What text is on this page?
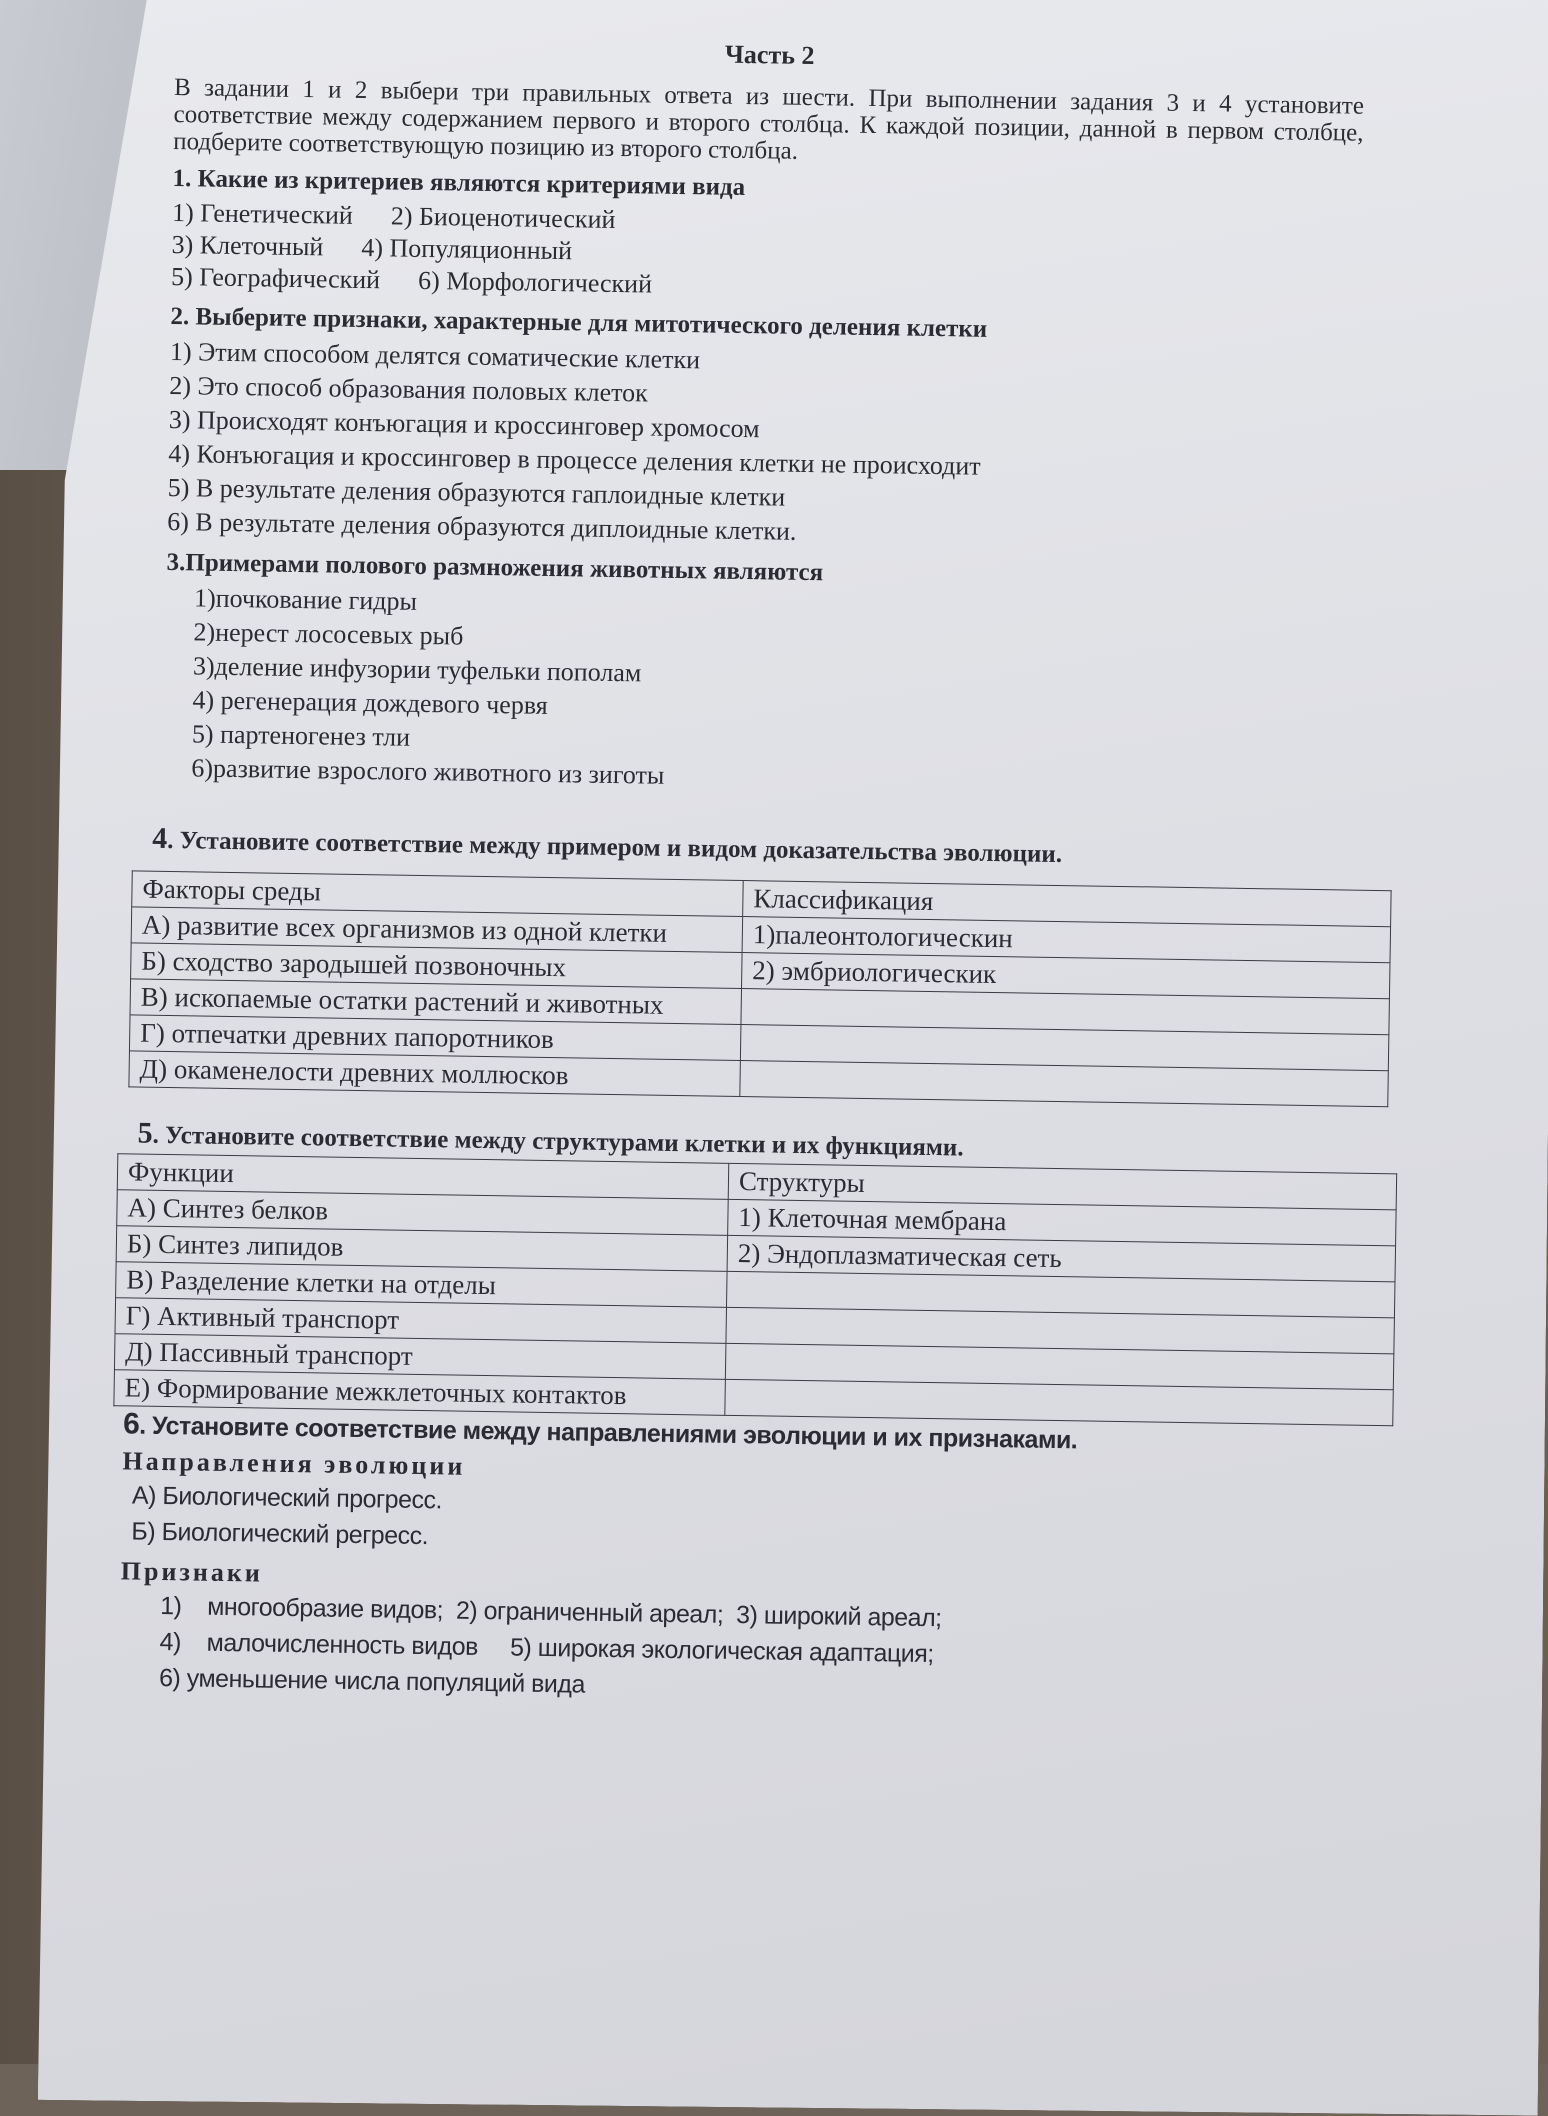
Часть 2

В задании 1 и 2 выбери три правильных ответа из шести. При выполнении задания 3 и 4 установите соответствие между содержанием первого и второго столбца. К каждой позиции, данной в первом столбце, подберите соответствующую позицию из второго столбца.

1. Какие из критериев являются критериями вида

1) Генетический 2) Биоценотический

3) Клеточный 4) Популяционный

5) Географический 6) Морфологический

2. Выберите признаки, характерные для митотического деления клетки

1) Этим способом делятся соматические клетки

2) Это способ образования половых клеток

3) Происходят конъюгация и кроссинговер хромосом

4) Конъюгация и кроссинговер в процессе деления клетки не происходит

5) В результате деления образуются гаплоидные клетки

6) В результате деления образуются диплоидные клетки.

3.Примерами полового размножения животных являются

1)почкование гидры

2)нерест лососевых рыб

3)деление инфузории туфельки пополам

4) регенерация дождевого червя

5) партеногенез тли

6)развитие взрослого животного из зиготы

4. Установите соответствие между примером и видом доказательства эволюции.

Факторы среды	Классификация
А) развитие всех организмов из одной клетки	1)палеонтологическин
Б) сходство зародышей позвоночных	2) эмбриологическик
В) ископаемые остатки растений и животных	
Г) отпечатки древних папоротников	
Д) окаменелости древних моллюсков	

5. Установите соответствие между структурами клетки и их функциями.

Функции	Структуры
А) Синтез белков	1) Клеточная мембрана
Б) Синтез липидов	2) Эндоплазматическая сеть
В) Разделение клетки на отделы	
Г) Активный транспорт	
Д) Пассивный транспорт	
Е) Формирование межклеточных контактов	

6. Установите соответствие между направлениями эволюции и их признаками.

Направления эволюции

А) Биологический прогресс.

Б) Биологический регресс.

Признаки

1)    многообразие видов;  2) ограниченный ареал;  3) широкий ареал;

4)    малочисленность видов     5) широкая экологическая адаптация;

6) уменьшение числа популяций вида
